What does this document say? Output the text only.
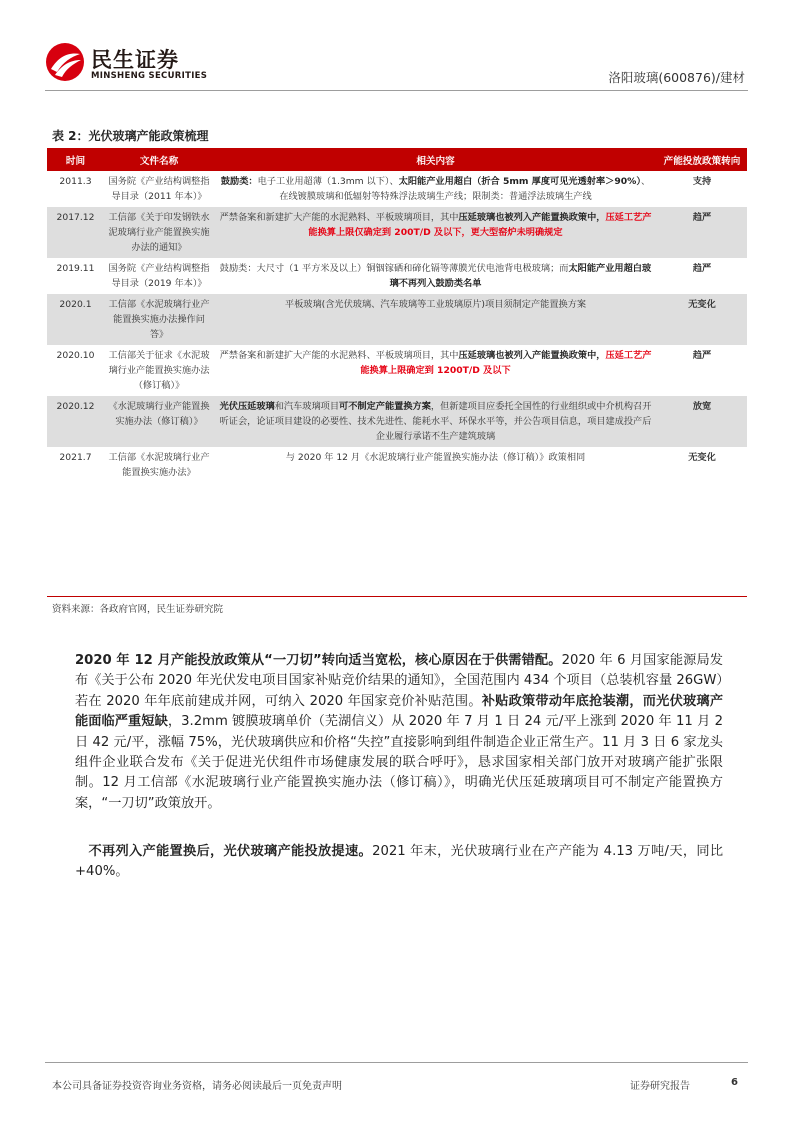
民生证券
MINSHENG SECURITIES	洛阳玻璃(600876)/建材
表 2：光伏玻璃产能政策梳理
时间	文件名称	相关内容	产能投放政策转向
2011.3	国务院《产业结构调整指导目录（2011 年本）》	鼓励类：电子工业用超薄（1.3mm 以下）、太阳能产业用超白（折合 5mm 厚度可见光透射率＞90%）、在线镀膜玻璃和低辐射等特殊浮法玻璃生产线；限制类：普通浮法玻璃生产线	支持
2017.12	工信部《关于印发钢铁水泥玻璃行业产能置换实施办法的通知》	严禁备案和新建扩大产能的水泥熟料、平板玻璃项目，其中压延玻璃也被列入产能置换政策中，压延工艺产能换算上限仅确定到 200T/D 及以下，更大型窑炉未明确规定	趋严
2019.11	国务院《产业结构调整指导目录（2019 年本）》	鼓励类：大尺寸（1 平方米及以上）铜铟镓硒和碲化镉等薄膜光伏电池背电极玻璃；而太阳能产业用超白玻璃不再列入鼓励类名单	趋严
2020.1	工信部《水泥玻璃行业产能置换实施办法操作问答》	平板玻璃(含光伏玻璃、汽车玻璃等工业玻璃原片)项目须制定产能置换方案	无变化
2020.10	工信部关于征求《水泥玻璃行业产能置换实施办法（修订稿）》	严禁备案和新建扩大产能的水泥熟料、平板玻璃项目，其中压延玻璃也被列入产能置换政策中，压延工艺产能换算上限确定到 1200T/D 及以下	趋严
2020.12	《水泥玻璃行业产能置换实施办法（修订稿）》	光伏压延玻璃和汽车玻璃项目可不制定产能置换方案，但新建项目应委托全国性的行业组织或中介机构召开听证会，论证项目建设的必要性、技术先进性、能耗水平、环保水平等，并公告项目信息，项目建成投产后企业履行承诺不生产建筑玻璃	放宽
2021.7	工信部《水泥玻璃行业产能置换实施办法》	与 2020 年 12 月《水泥玻璃行业产能置换实施办法（修订稿）》政策相同	无变化
资料来源：各政府官网，民生证券研究院
2020 年 12 月产能投放政策从“一刀切”转向适当宽松，核心原因在于供需错配。2020 年 6 月国家能源局发布《关于公布 2020 年光伏发电项目国家补贴竞价结果的通知》，全国范围内 434 个项目（总装机容量 26GW）若在 2020 年年底前建成并网，可纳入 2020 年国家竞价补贴范围。补贴政策带动年底抢装潮，而光伏玻璃产能面临严重短缺，3.2mm 镀膜玻璃单价（芜湖信义）从 2020 年 7 月 1 日 24 元/平上涨到 2020 年 11 月 2 日 42 元/平，涨幅 75%，光伏玻璃供应和价格“失控”直接影响到组件制造企业正常生产。11 月 3 日 6 家龙头组件企业联合发布《关于促进光伏组件市场健康发展的联合呼吁》，恳求国家相关部门放开对玻璃产能扩张限制。12 月工信部《水泥玻璃行业产能置换实施办法（修订稿）》，明确光伏压延玻璃项目可不制定产能置换方案，“一刀切”政策放开。
　不再列入产能置换后，光伏玻璃产能投放提速。2021 年末，光伏玻璃行业在产产能为 4.13 万吨/天，同比+40%。
本公司具备证券投资咨询业务资格，请务必阅读最后一页免责声明	证券研究报告	6
